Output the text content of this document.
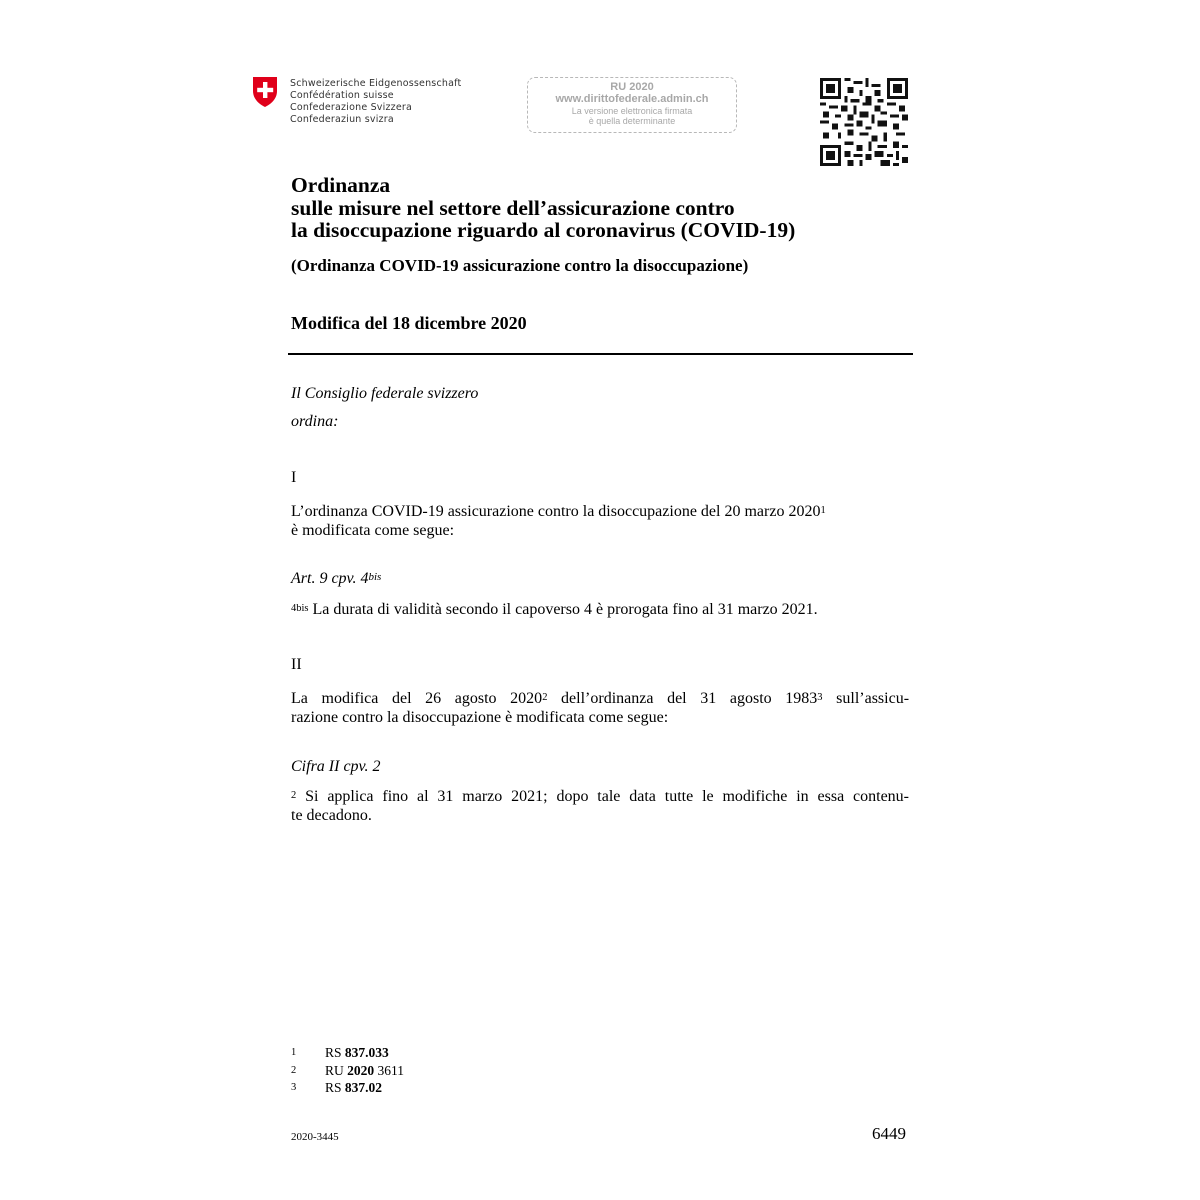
Schweizerische Eidgenossenschaft
Confédération suisse
Confederazione Svizzera
Confederaziun svizra
RU 2020
www.dirittofederale.admin.ch
La versione elettronica firmata
è quella determinante
Ordinanza
sulle misure nel settore dell’assicurazione contro
la disoccupazione riguardo al coronavirus (COVID-19)
(Ordinanza COVID-19 assicurazione contro la disoccupazione)
Modifica del 18 dicembre 2020
Il Consiglio federale svizzero
ordina:
I
L’ordinanza COVID-19 assicurazione contro la disoccupazione del 20 marzo 2020$^1$
è modificata come segue:
Art. 9 cpv. $4^{bis}$
$^{4bis}$ La durata di validità secondo il capoverso 4 è prorogata fino al 31 marzo 2021.
II
La modifica del 26 agosto 2020$^2$ dell’ordinanza del 31 agosto 1983$^3$ sull’assicu-
razione contro la disoccupazione è modificata come segue:
Cifra II cpv. 2
$^2$ Si applica fino al 31 marzo 2021; dopo tale data tutte le modifiche in essa contenu-
te decadono.
1 RS 837.033
2 RU 2020 3611
3 RS 837.02
2020-3445	6449
